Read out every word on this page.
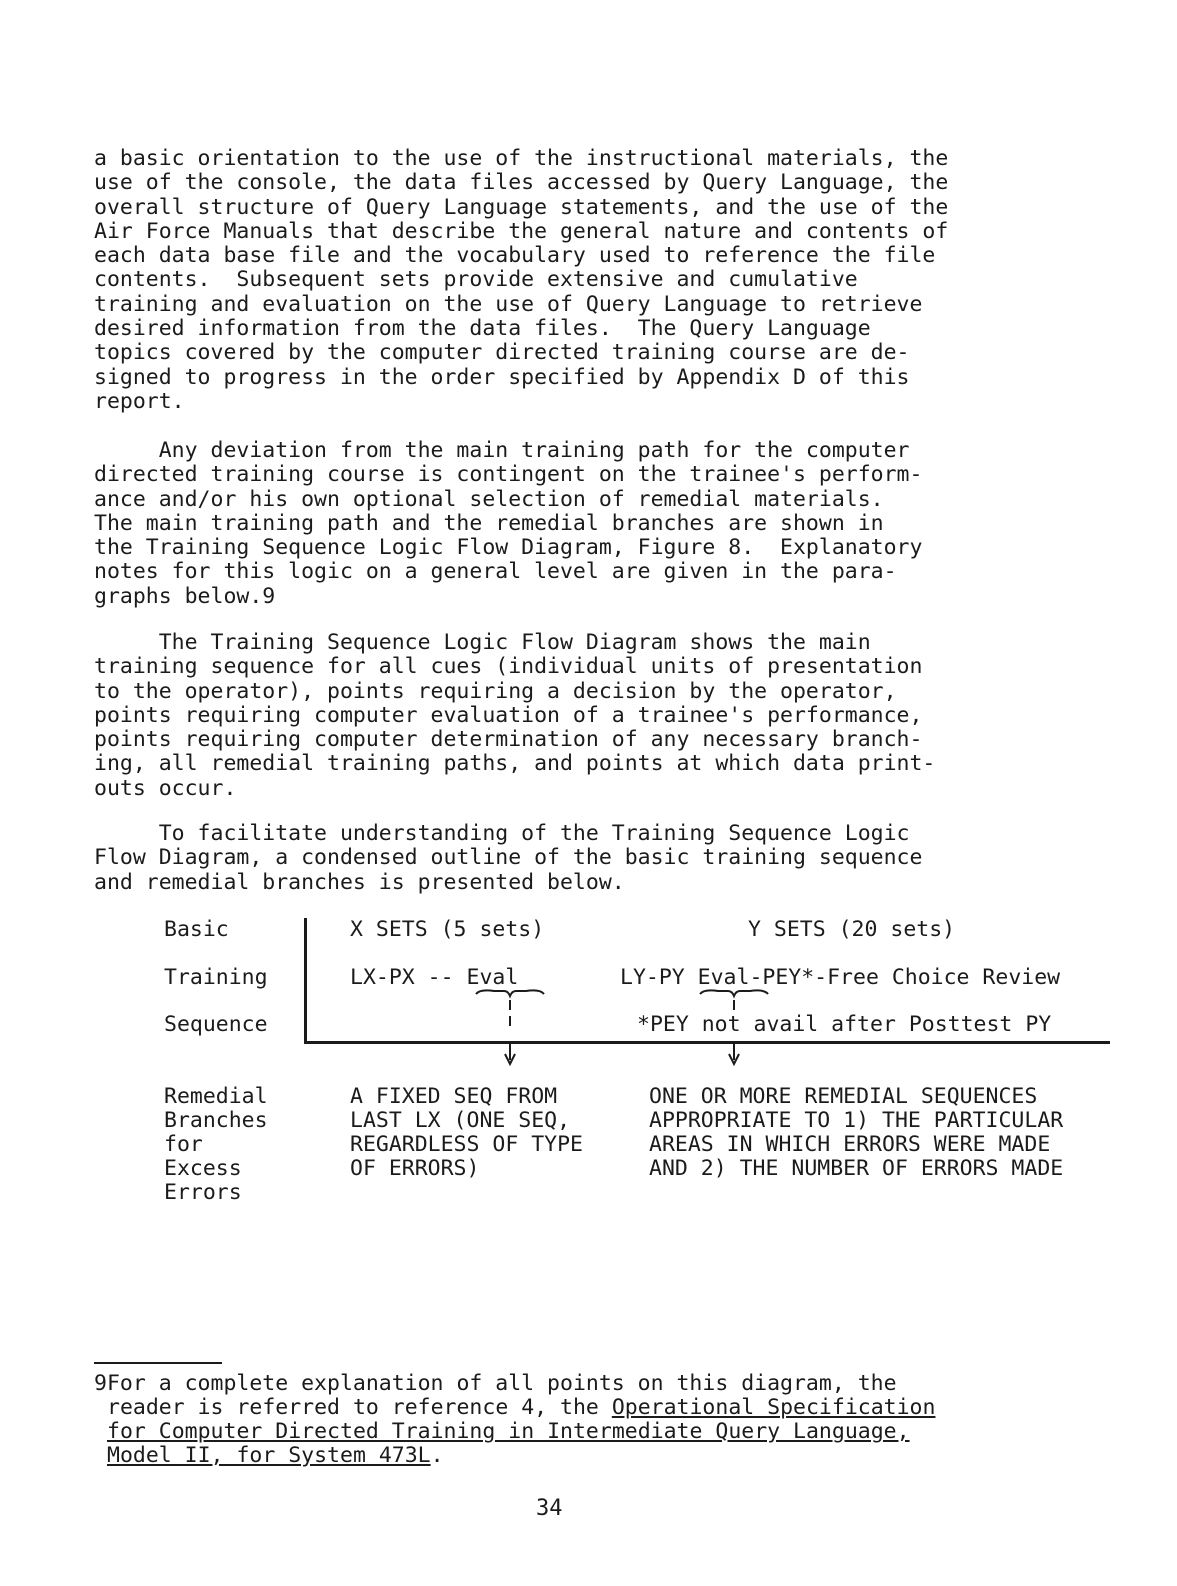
a basic orientation to the use of the instructional materials, the
use of the console, the data files accessed by Query Language, the
overall structure of Query Language statements, and the use of the
Air Force Manuals that describe the general nature and contents of
each data base file and the vocabulary used to reference the file
contents.  Subsequent sets provide extensive and cumulative
training and evaluation on the use of Query Language to retrieve
desired information from the data files.  The Query Language
topics covered by the computer directed training course are de-
signed to progress in the order specified by Appendix D of this
report.

Any deviation from the main training path for the computer
directed training course is contingent on the trainee's perform-
ance and/or his own optional selection of remedial materials.
The main training path and the remedial branches are shown in
the Training Sequence Logic Flow Diagram, Figure 8.  Explanatory
notes for this logic on a general level are given in the para-
graphs below.9

The Training Sequence Logic Flow Diagram shows the main
training sequence for all cues (individual units of presentation
to the operator), points requiring a decision by the operator,
points requiring computer evaluation of a trainee's performance,
points requiring computer determination of any necessary branch-
ing, all remedial training paths, and points at which data print-
outs occur.

To facilitate understanding of the Training Sequence Logic
Flow Diagram, a condensed outline of the basic training sequence
and remedial branches is presented below.

Basic
Training
Sequence
X SETS (5 sets)	Y SETS (20 sets)
LX-PX -- Eval	LY-PY Eval-PEY*-Free Choice Review
*PEY not avail after Posttest PY
Remedial
Branches
for
Excess
Errors
A FIXED SEQ FROM
LAST LX (ONE SEQ,
REGARDLESS OF TYPE
OF ERRORS)
ONE OR MORE REMEDIAL SEQUENCES
APPROPRIATE TO 1) THE PARTICULAR
AREAS IN WHICH ERRORS WERE MADE
AND 2) THE NUMBER OF ERRORS MADE
9For a complete explanation of all points on this diagram, the
reader is referred to reference 4, the Operational Specification
for Computer Directed Training in Intermediate Query Language,
Model II, for System 473L.
34
